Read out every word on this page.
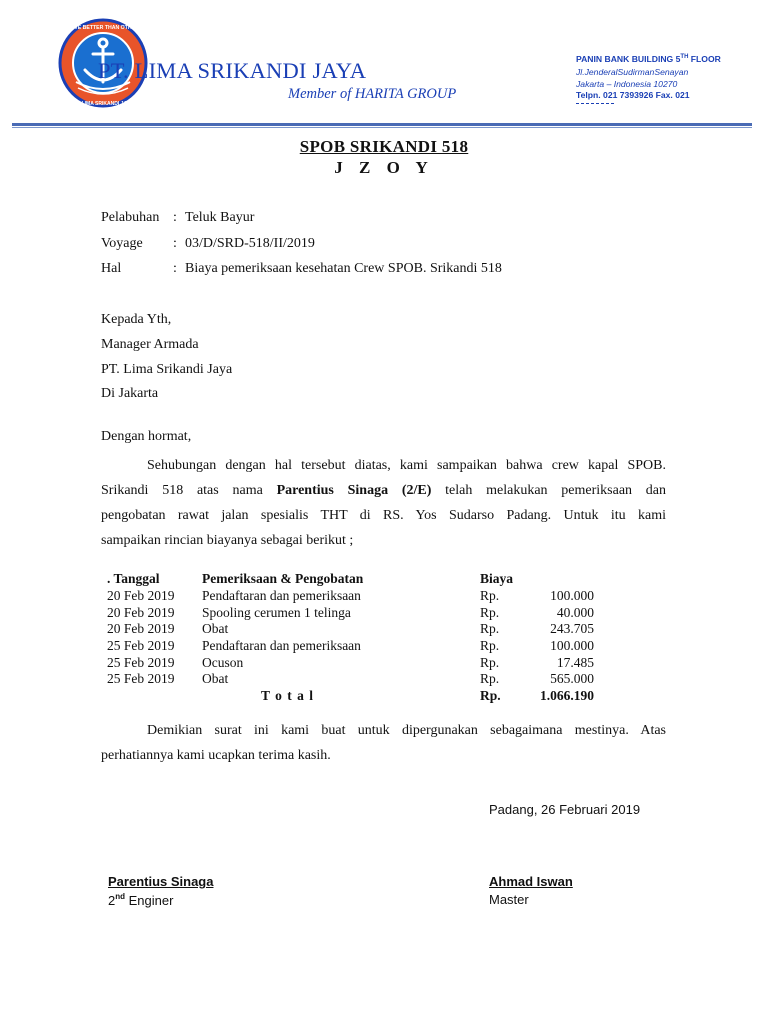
SERVE BETTER THAN OTHERS
PT. LIMA SRIKANDI JAYA
PT. LIMA SRIKANDI JAYA
Member of HARITA GROUP
PANIN BANK BUILDING 5TH FLOOR
Jl.JenderalSudirmanSenayan
Jakarta – Indonesia 10270
Telpn. 021 7393926 Fax. 021
SPOB SRIKANDI 518
J Z O Y
Pelabuhan : Teluk Bayur
Voyage : 03/D/SRD-518/II/2019
Hal	: Biaya pemeriksaan kesehatan Crew SPOB. Srikandi 518
Kepada Yth,
Manager Armada
PT. Lima Srikandi Jaya
Di Jakarta
Dengan hormat,
Sehubungan dengan hal tersebut diatas, kami sampaikan bahwa crew kapal SPOB.
Srikandi 518 atas nama Parentius Sinaga (2/E) telah melakukan pemeriksaan dan
pengobatan rawat jalan spesialis THT di RS. Yos Sudarso Padang. Untuk itu kami
sampaikan rincian biayanya sebagai berikut ;
. Tanggal	Pemeriksaan & Pengobatan	Biaya
20 Feb 2019 Pendaftaran dan pemeriksaan	Rp.	100.000
20 Feb 2019 Spooling cerumen 1 telinga	Rp.	40.000
20 Feb 2019 Obat	Rp.	243.705
25 Feb 2019 Pendaftaran dan pemeriksaan	Rp.	100.000
25 Feb 2019 Ocuson	Rp.	17.485
25 Feb 2019 Obat	Rp.	565.000
T o t a l	Rp.	1.066.190
Demikian surat ini kami buat untuk dipergunakan sebagaimana mestinya. Atas
perhatiannya kami ucapkan terima kasih.
Padang, 26 Februari 2019
Parentius Sinaga
2nd Enginer
Ahmad Iswan
Master
